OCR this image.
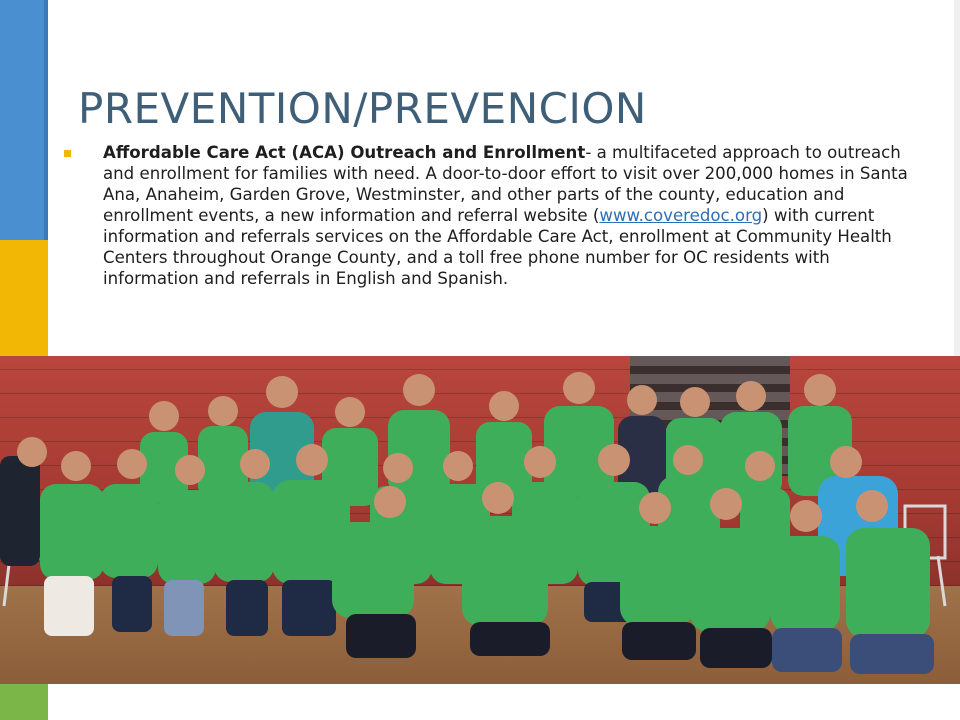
PREVENTION/PREVENCION
Affordable Care Act (ACA) Outreach and Enrollment- a multifaceted approach to outreach and enrollment for families with need. A door-to-door effort to visit over 200,000 homes in Santa Ana, Anaheim, Garden Grove, Westminster, and other parts of the county, education and enrollment events, a new information and referral website (www.coveredoc.org) with current information and referrals services on the Affordable Care Act, enrollment at Community Health Centers throughout Orange County, and a toll free phone number for OC residents with information and referrals in English and Spanish.
